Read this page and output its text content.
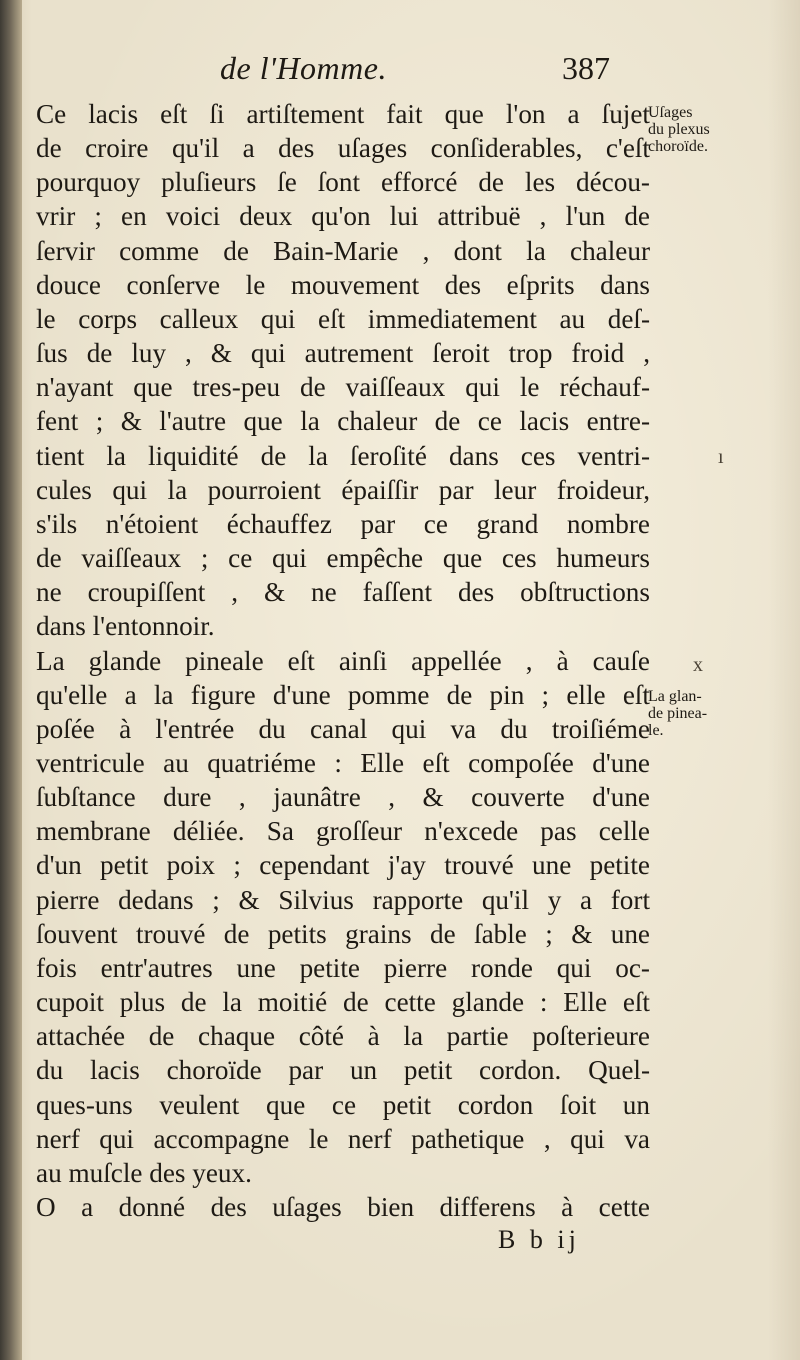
de l'Homme.	387
Ce lacis eſt ſi artiſtement fait que l'on a ſujet
de croire qu'il a des uſages conſiderables, c'eſt
pourquoy pluſieurs ſe ſont efforcé de les décou-
vrir ; en voici deux qu'on lui attribuë , l'un de
ſervir comme de Bain-Marie , dont la chaleur
douce conſerve le mouvement des eſprits dans
le corps calleux qui eſt immediatement au deſ-
ſus de luy , & qui autrement ſeroit trop froid ,
n'ayant que tres-peu de vaiſſeaux qui le réchauf-
fent ; & l'autre que la chaleur de ce lacis entre-
tient la liquidité de la ſeroſité dans ces ventri-
cules qui la pourroient épaiſſir par leur froideur,
s'ils n'étoient échauffez par ce grand nombre
de vaiſſeaux ; ce qui empêche que ces humeurs
ne croupiſſent , & ne faſſent des obſtructions
dans l'entonnoir.
La glande pineale eſt ainſi appellée , à cauſe
qu'elle a la figure d'une pomme de pin ; elle eſt
poſée à l'entrée du canal qui va du troiſiéme
ventricule au quatriéme : Elle eſt compoſée d'une
ſubſtance dure , jaunâtre , & couverte d'une
membrane déliée. Sa groſſeur n'excede pas celle
d'un petit poix ; cependant j'ay trouvé une petite
pierre dedans ; & Silvius rapporte qu'il y a fort
ſouvent trouvé de petits grains de ſable ; & une
fois entr'autres une petite pierre ronde qui oc-
cupoit plus de la moitié de cette glande : Elle eſt
attachée de chaque côté à la partie poſterieure
du lacis choroïde par un petit cordon. Quel-
ques-uns veulent que ce petit cordon ſoit un
nerf qui accompagne le nerf pathetique , qui va
au muſcle des yeux.
Uſages
du plexus
choroïde.
La glan-
de pinea-
le.
ı
x
O a donné des uſages bien differens à cette
B b ij
